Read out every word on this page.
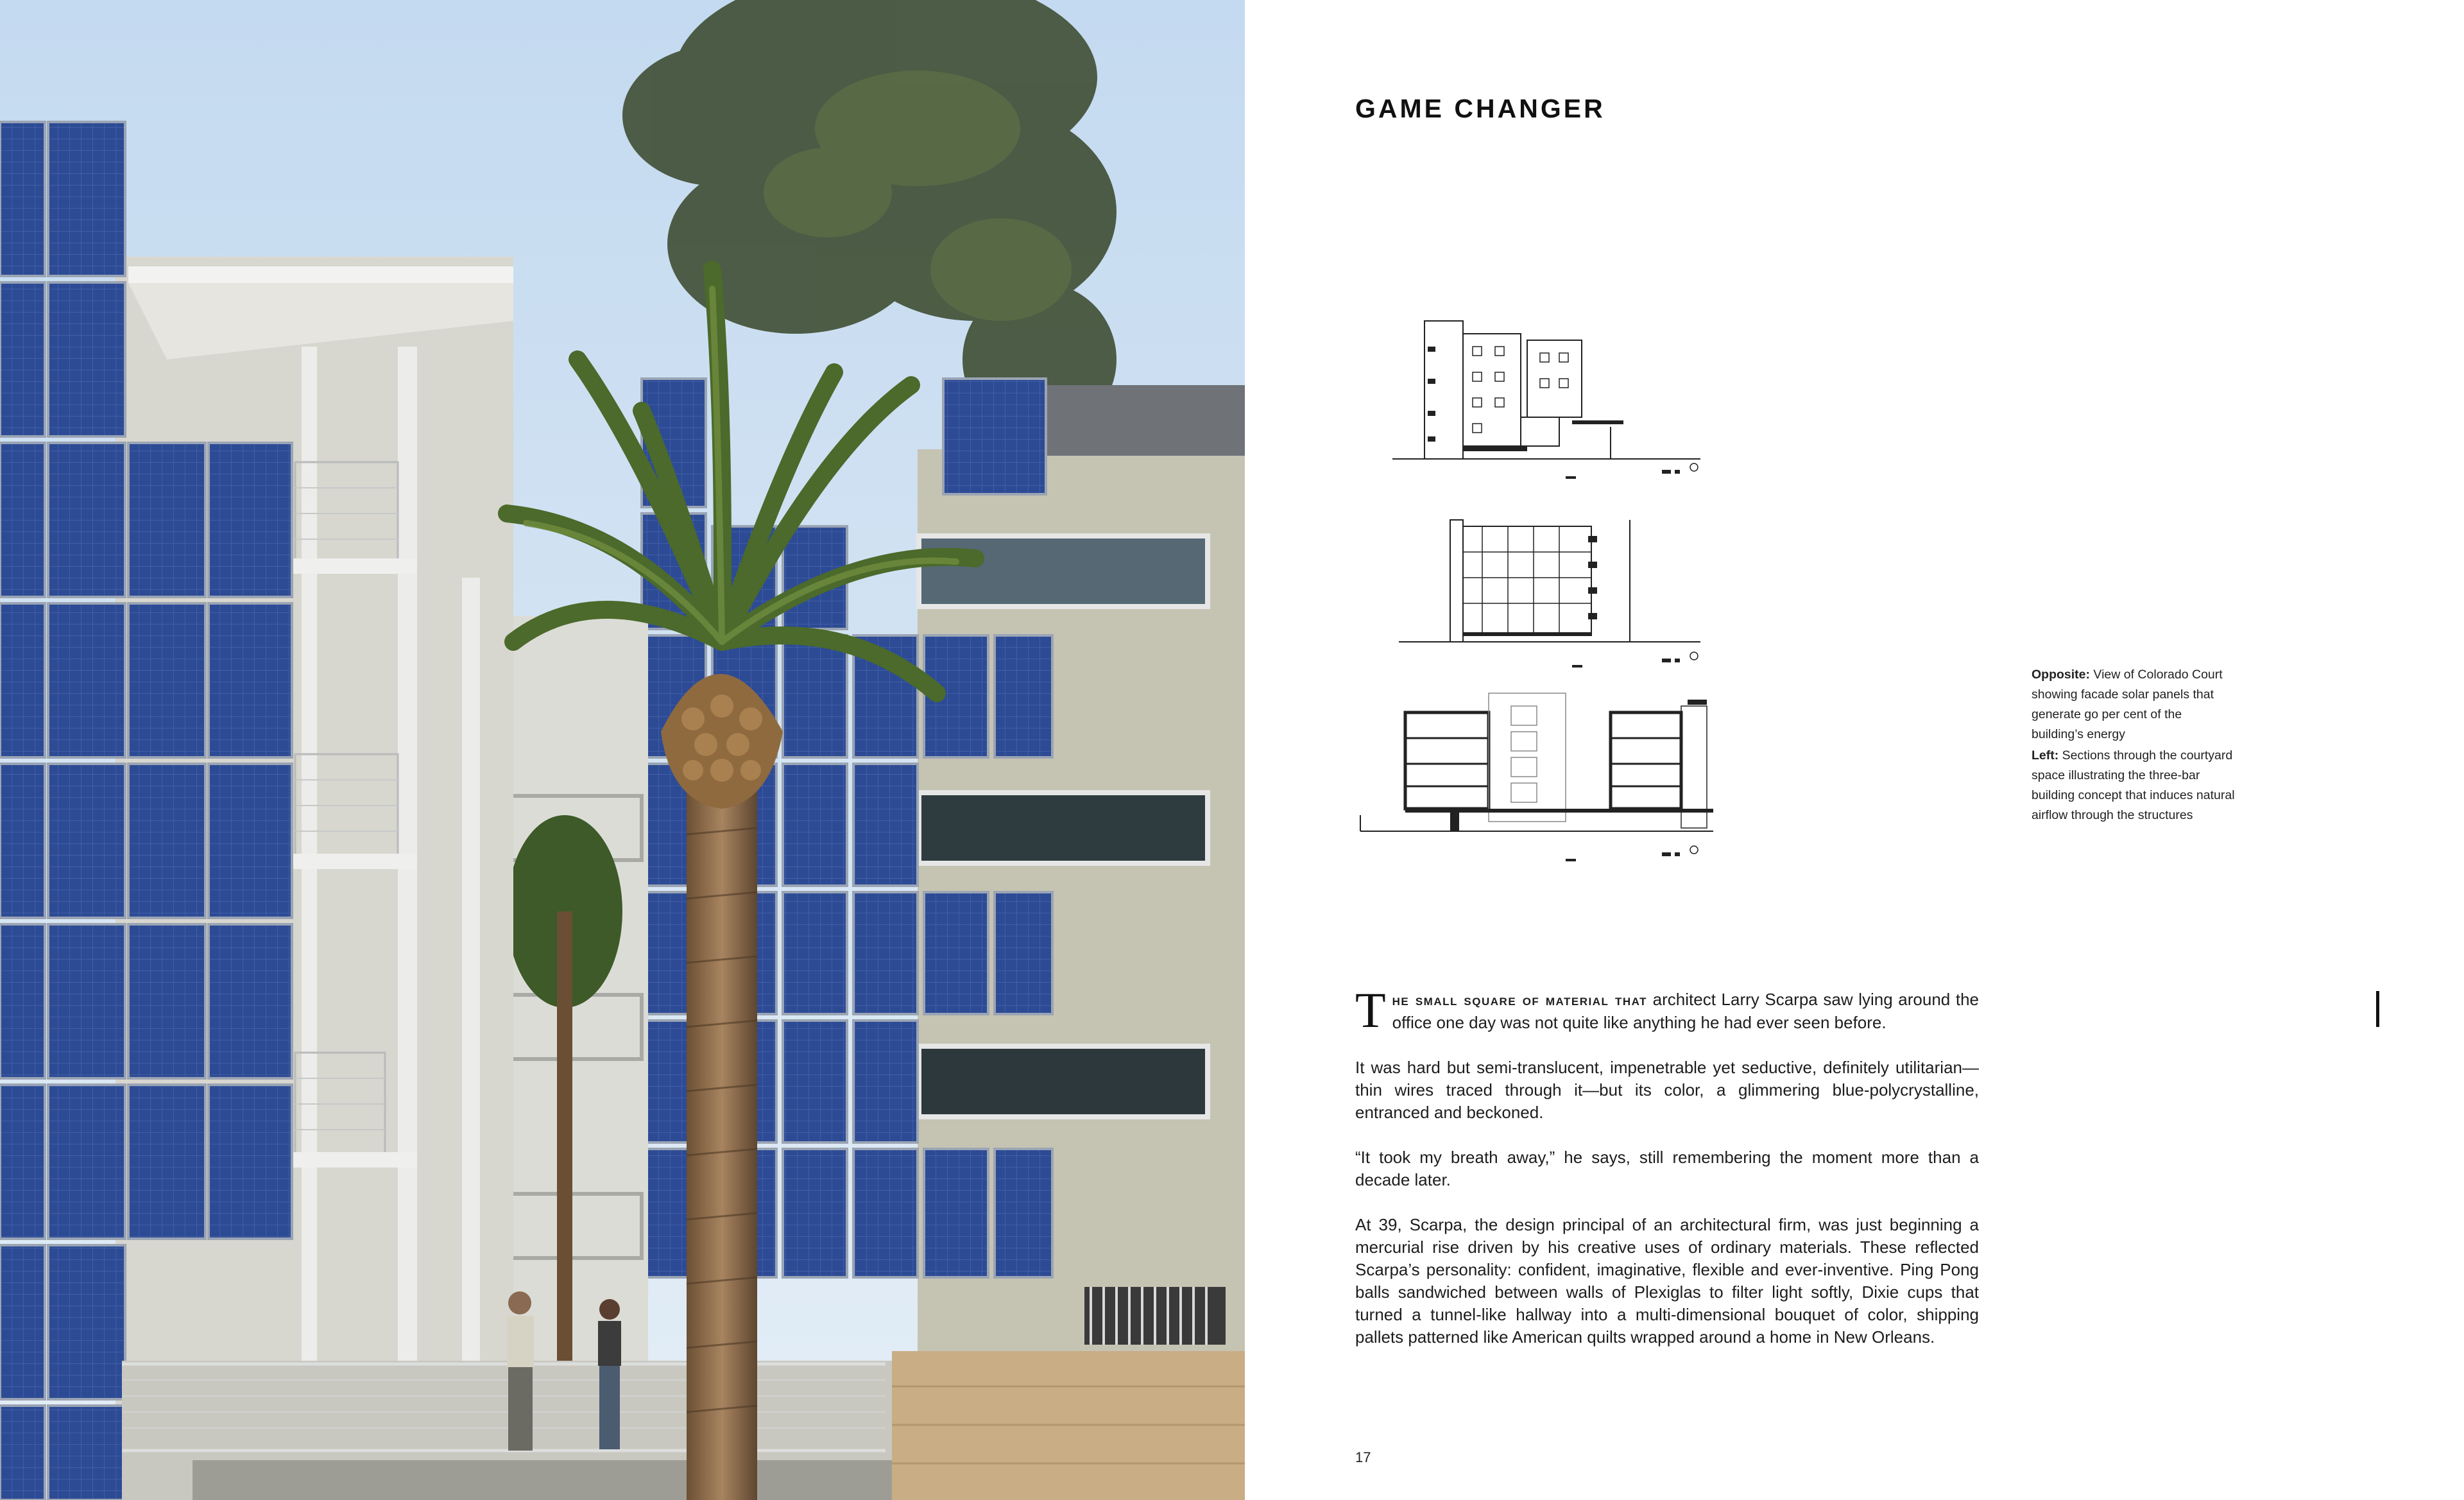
GAME CHANGER

Opposite: View of Colorado Court showing facade solar panels that generate go per cent of the building’s energy

Left: Sections through the courtyard space illustrating the three-bar building concept that induces natural airflow through the structures

The small square of material that architect Larry Scarpa saw lying around the office one day was not quite like anything he had ever seen before.

It was hard but semi-translucent, impenetrable yet seductive, definitely utilitarian—thin wires traced through it—but its color, a glimmering blue-polycrystalline, entranced and beckoned.

“It took my breath away,” he says, still remembering the moment more than a decade later.

At 39, Scarpa, the design principal of an architectural firm, was just beginning a mercurial rise driven by his creative uses of ordinary materials. These reflected Scarpa’s personality: confident, imaginative, flexible and ever-inventive. Ping Pong balls sandwiched between walls of Plexiglas to filter light softly, Dixie cups that turned a tunnel-like hallway into a multi-dimensional bouquet of color, shipping pallets patterned like American quilts wrapped around a home in New Orleans.

17
